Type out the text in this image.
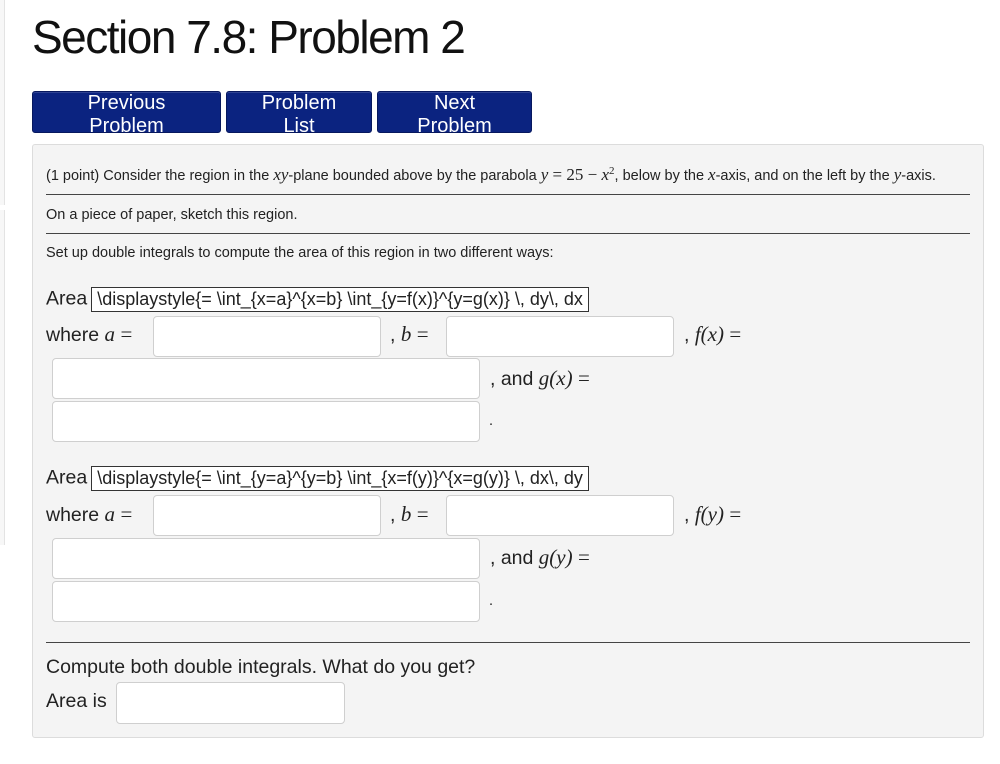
Section 7.8: Problem 2
Previous Problem
Problem List
Next Problem
(1 point) Consider the region in the xy-plane bounded above by the parabola $y = 25 - x^2$, below by the x-axis, and on the left by the y-axis.
On a piece of paper, sketch this region.
Set up double integrals to compute the area of this region in two different ways:
Area \displaystyle{= \int_{x=a}^{x=b} \int_{y=f(x)}^{y=g(x)} \, dy\, dx
where a =	, b =	, f(x) =
, and g(x) =
.
Area \displaystyle{= \int_{y=a}^{y=b} \int_{x=f(y)}^{x=g(y)} \, dx\, dy
where a =	, b =	, f(y) =
, and g(y) =
.
Compute both double integrals. What do you get?
Area is
